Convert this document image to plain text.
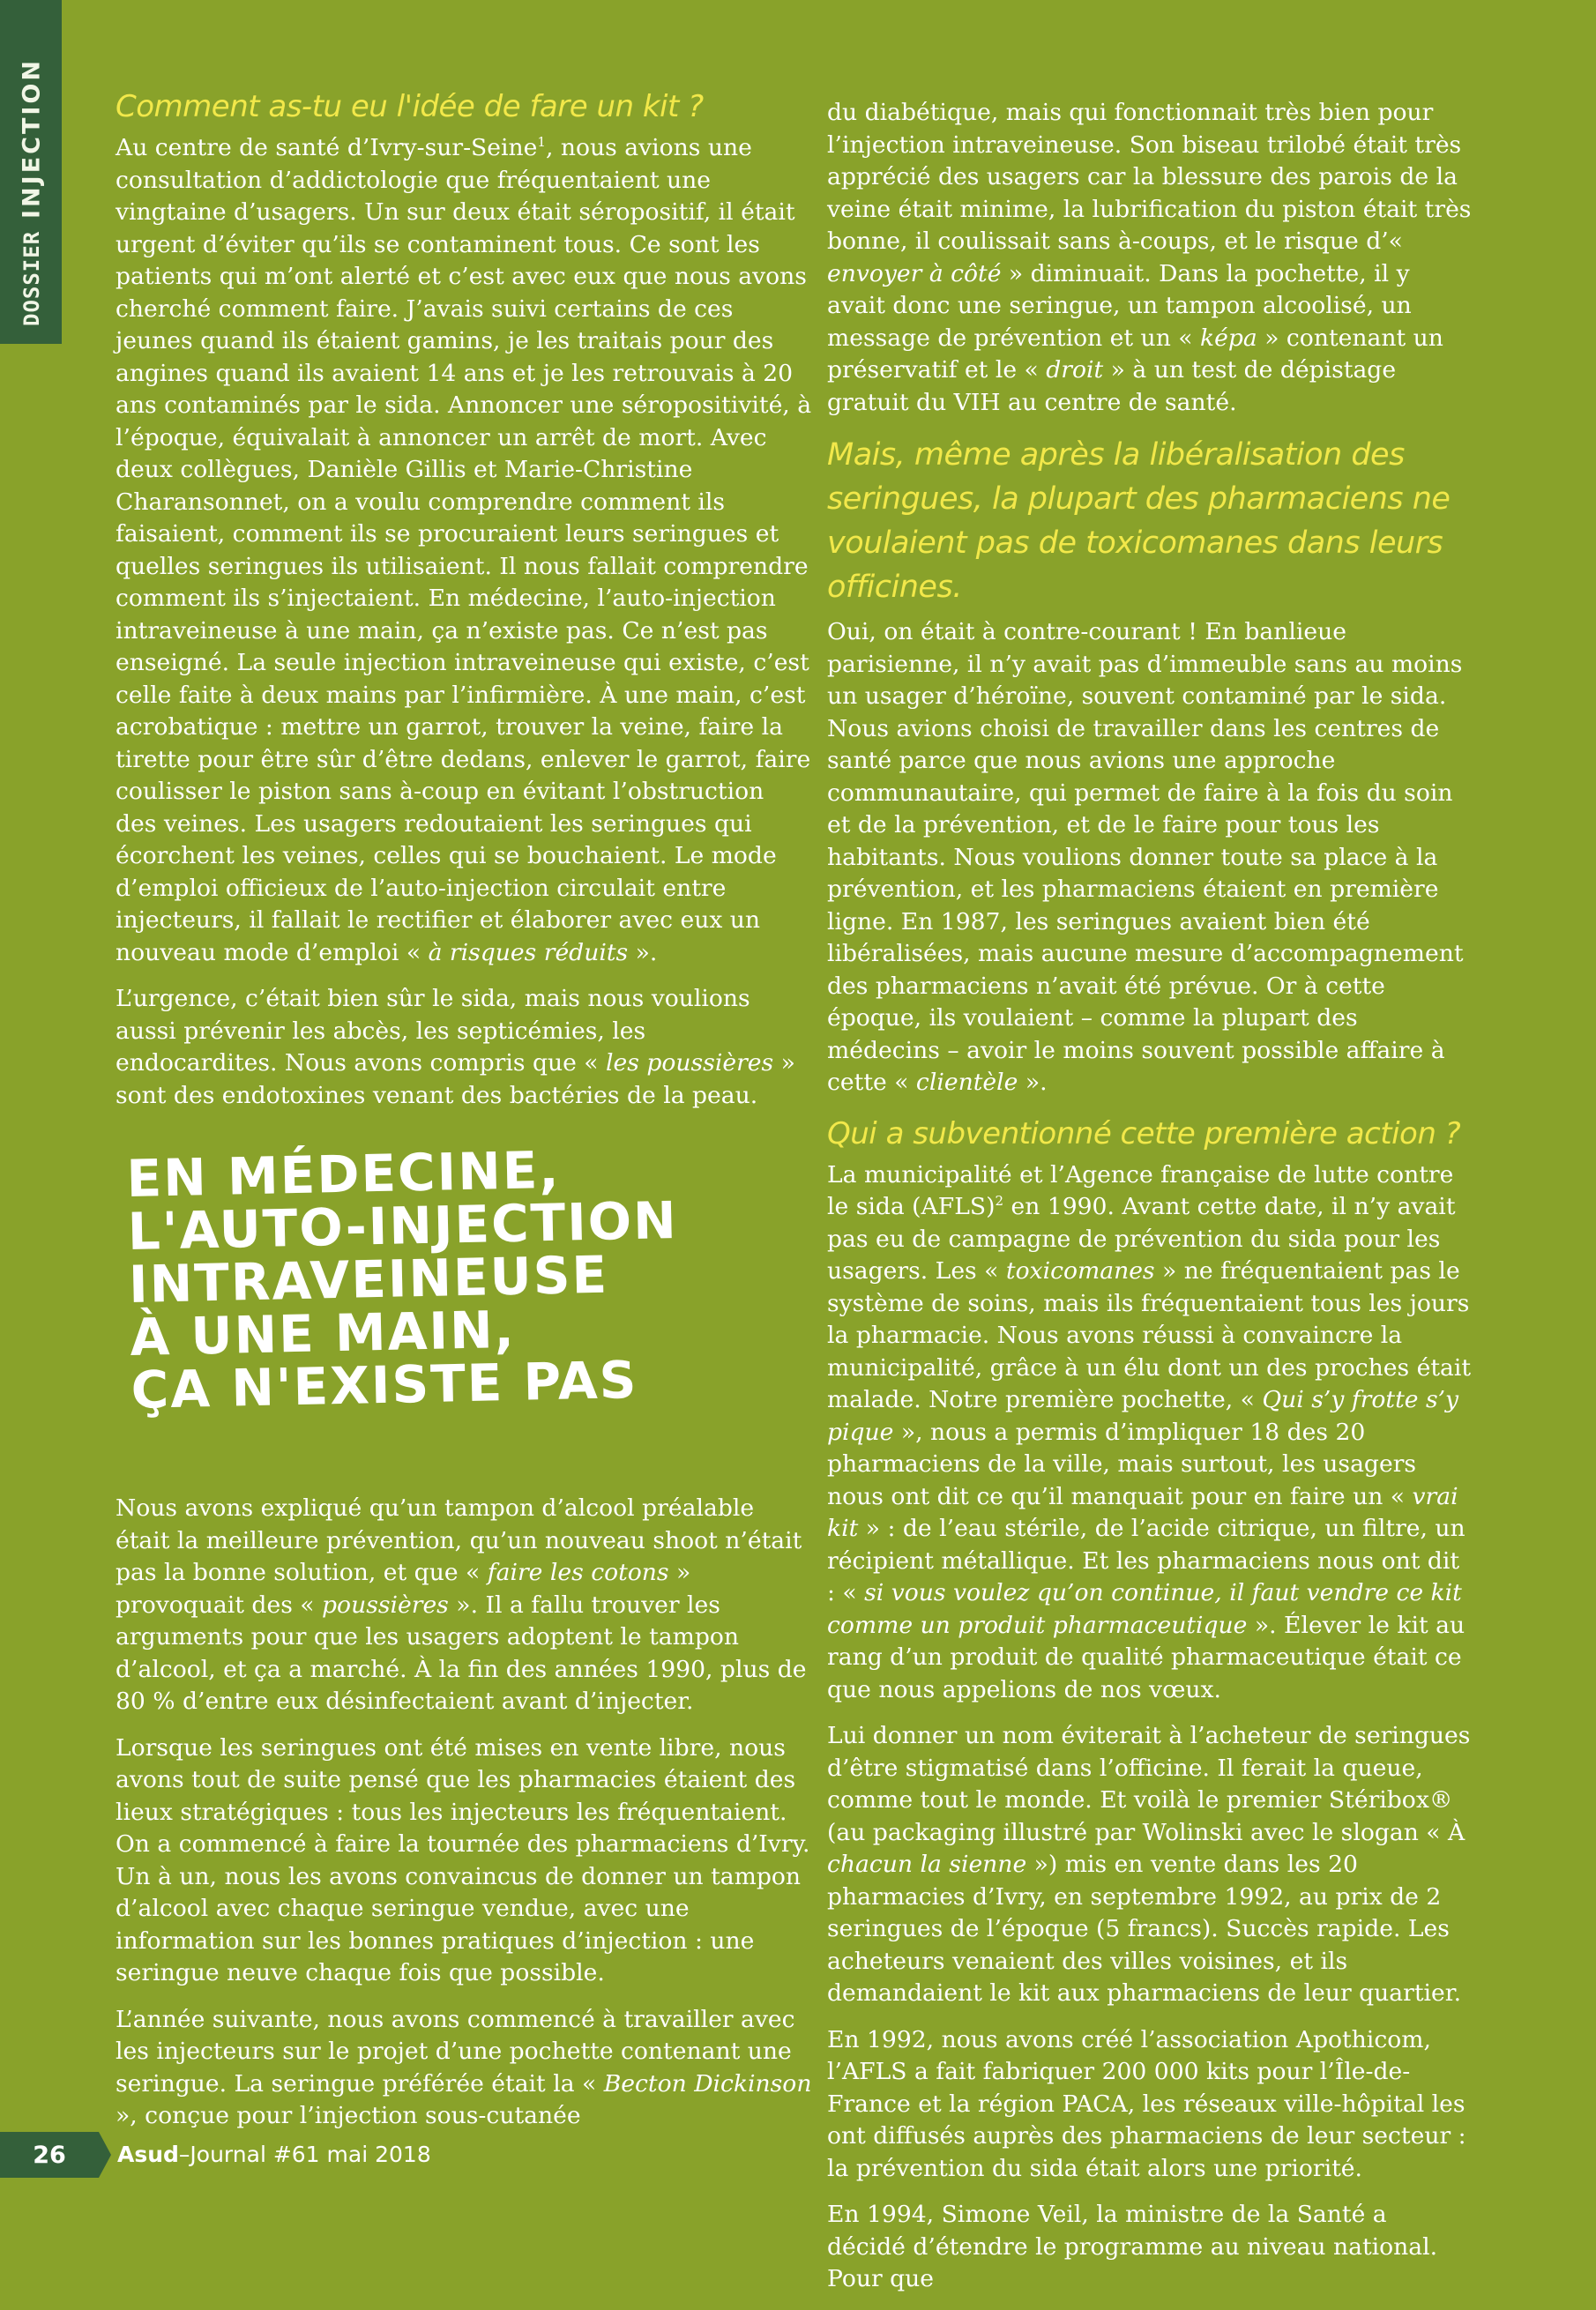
DOSSIER
INJECTION Comment as-tu eu l'idée de fare un kit ?

Au centre de santé d’Ivry-sur-Seine$^1$, nous avions une consultation d’addictologie que fréquentaient une vingtaine d’usagers. Un sur deux était séropositif, il était urgent d’éviter qu’ils se contaminent tous. Ce sont les patients qui m’ont alerté et c’est avec eux que nous avons cherché comment faire. J’avais suivi certains de ces jeunes quand ils étaient gamins, je les traitais pour des angines quand ils avaient 14 ans et je les retrouvais à 20 ans contaminés par le sida. Annoncer une séropositivité, à l’époque, équivalait à annoncer un arrêt de mort. Avec deux collègues, Danièle Gillis et Marie-Christine Charansonnet, on a voulu comprendre comment ils faisaient, comment ils se procuraient leurs seringues et quelles seringues ils utilisaient. Il nous fallait comprendre comment ils s’injectaient. En médecine, l’auto-injection intraveineuse à une main, ça n’existe pas. Ce n’est pas enseigné. La seule injection intraveineuse qui existe, c’est celle faite à deux mains par l’infirmière. À une main, c’est acrobatique : mettre un garrot, trouver la veine, faire la tirette pour être sûr d’être dedans, enlever le garrot, faire coulisser le piston sans à-coup en évitant l’obstruction des veines. Les usagers redoutaient les seringues qui écorchent les veines, celles qui se bouchaient. Le mode d’emploi officieux de l’auto-injection circulait entre injecteurs, il fallait le rectifier et élaborer avec eux un nouveau mode d’emploi « à risques réduits ».

L’urgence, c’était bien sûr le sida, mais nous voulions aussi prévenir les abcès, les septicémies, les endocardites. Nous avons compris que « les poussières » sont des endotoxines venant des bactéries de la peau.

EN MÉDECINE,
L'AUTO-INJECTION
INTRAVEINEUSE
À UNE MAIN,
ÇA N'EXISTE PAS

Nous avons expliqué qu’un tampon d’alcool préalable était la meilleure prévention, qu’un nouveau shoot n’était pas la bonne solution, et que « faire les cotons » provoquait des « poussières ». Il a fallu trouver les arguments pour que les usagers adoptent le tampon d’alcool, et ça a marché. À la fin des années 1990, plus de 80 % d’entre eux désinfectaient avant d’injecter.

Lorsque les seringues ont été mises en vente libre, nous avons tout de suite pensé que les pharmacies étaient des lieux stratégiques : tous les injecteurs les fréquentaient. On a commencé à faire la tournée des pharmaciens d’Ivry. Un à un, nous les avons convaincus de donner un tampon d’alcool avec chaque seringue vendue, avec une information sur les bonnes pratiques d’injection : une seringue neuve chaque fois que possible.

L’année suivante, nous avons commencé à travailler avec les injecteurs sur le projet d’une pochette contenant une seringue. La seringue préférée était la « Becton Dickinson », conçue pour l’injection sous-cutanée

du diabétique, mais qui fonctionnait très bien pour l’injection intraveineuse. Son biseau trilobé était très apprécié des usagers car la blessure des parois de la veine était minime, la lubrification du piston était très bonne, il coulissait sans à-coups, et le risque d’« envoyer à côté » diminuait. Dans la pochette, il y avait donc une seringue, un tampon alcoolisé, un message de prévention et un « képa » contenant un préservatif et le « droit » à un test de dépistage gratuit du VIH au centre de santé.

Mais, même après la libéralisation des seringues, la plupart des pharmaciens ne voulaient pas de toxicomanes dans leurs officines.

Oui, on était à contre-courant ! En banlieue parisienne, il n’y avait pas d’immeuble sans au moins un usager d’héroïne, souvent contaminé par le sida. Nous avions choisi de travailler dans les centres de santé parce que nous avions une approche communautaire, qui permet de faire à la fois du soin et de la prévention, et de le faire pour tous les habitants. Nous voulions donner toute sa place à la prévention, et les pharmaciens étaient en première ligne. En 1987, les seringues avaient bien été libéralisées, mais aucune mesure d’accompagnement des pharmaciens n’avait été prévue. Or à cette époque, ils voulaient – comme la plupart des médecins – avoir le moins souvent possible affaire à cette « clientèle ».

Qui a subventionné cette première action ?

La municipalité et l’Agence française de lutte contre le sida (AFLS)$^2$ en 1990. Avant cette date, il n’y avait pas eu de campagne de prévention du sida pour les usagers. Les « toxicomanes » ne fréquentaient pas le système de soins, mais ils fréquentaient tous les jours la pharmacie. Nous avons réussi à convaincre la municipalité, grâce à un élu dont un des proches était malade. Notre première pochette, « Qui s’y frotte s’y pique », nous a permis d’impliquer 18 des 20 pharmaciens de la ville, mais surtout, les usagers nous ont dit ce qu’il manquait pour en faire un « vrai kit » : de l’eau stérile, de l’acide citrique, un filtre, un récipient métallique. Et les pharmaciens nous ont dit : « si vous voulez qu’on continue, il faut vendre ce kit comme un produit pharmaceutique ». Élever le kit au rang d’un produit de qualité pharmaceutique était ce que nous appelions de nos vœux.

Lui donner un nom éviterait à l’acheteur de seringues d’être stigmatisé dans l’officine. Il ferait la queue, comme tout le monde. Et voilà le premier Stéribox® (au packaging illustré par Wolinski avec le slogan « À chacun la sienne ») mis en vente dans les 20 pharmacies d’Ivry, en septembre 1992, au prix de 2 seringues de l’époque (5 francs). Succès rapide. Les acheteurs venaient des villes voisines, et ils demandaient le kit aux pharmaciens de leur quartier.

En 1992, nous avons créé l’association Apothicom, l’AFLS a fait fabriquer 200 000 kits pour l’Île-de-France et la région PACA, les réseaux ville-hôpital les ont diffusés auprès des pharmaciens de leur secteur : la prévention du sida était alors une priorité.

En 1994, Simone Veil, la ministre de la Santé a décidé d’étendre le programme au niveau national. Pour que

26	Asud–Journal #61 mai 2018
